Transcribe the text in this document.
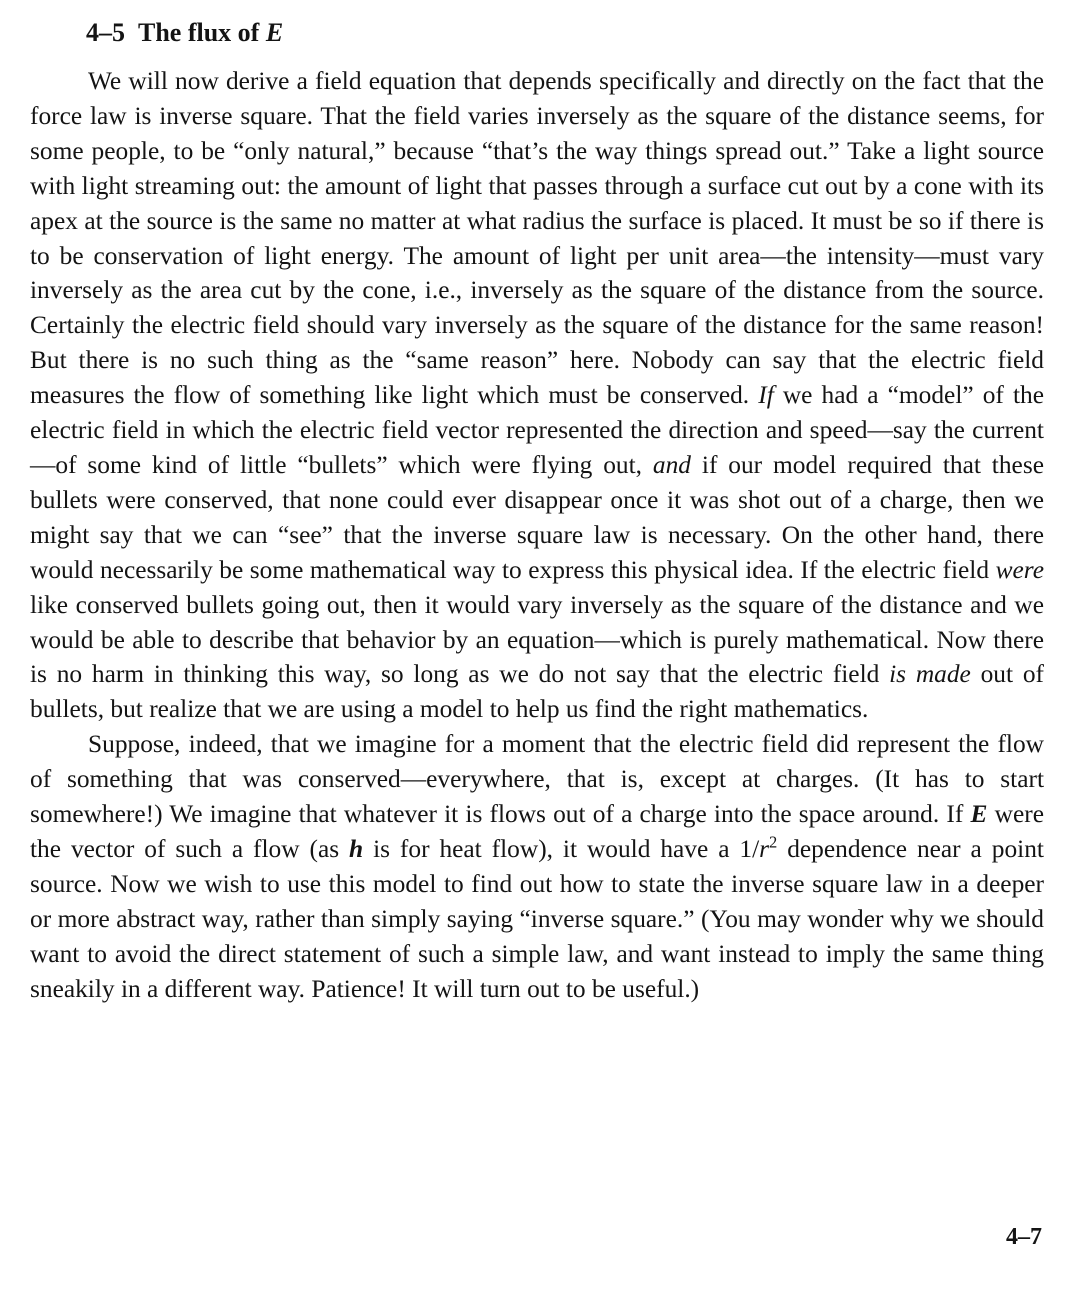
4–5 The flux of E

We will now derive a field equation that depends specifically and directly on the fact that the force law is inverse square. That the field varies inversely as the square of the distance seems, for some people, to be “only natural,” because “that’s the way things spread out.” Take a light source with light streaming out: the amount of light that passes through a surface cut out by a cone with its apex at the source is the same no matter at what radius the surface is placed. It must be so if there is to be conservation of light energy. The amount of light per unit area—the intensity—must vary inversely as the area cut by the cone, i.e., inversely as the square of the distance from the source. Certainly the electric field should vary inversely as the square of the distance for the same reason! But there is no such thing as the “same reason” here. Nobody can say that the electric field measures the flow of something like light which must be conserved. If we had a “model” of the electric field in which the electric field vector represented the direction and speed—say the current—of some kind of little “bullets” which were flying out, and if our model required that these bullets were conserved, that none could ever disappear once it was shot out of a charge, then we might say that we can “see” that the inverse square law is necessary. On the other hand, there would necessarily be some mathematical way to express this physical idea. If the electric field were like conserved bullets going out, then it would vary inversely as the square of the distance and we would be able to describe that behavior by an equation—which is purely mathematical. Now there is no harm in thinking this way, so long as we do not say that the electric field is made out of bullets, but realize that we are using a model to help us find the right mathematics.

Suppose, indeed, that we imagine for a moment that the electric field did represent the flow of something that was conserved—everywhere, that is, except at charges. (It has to start somewhere!) We imagine that whatever it is flows out of a charge into the space around. If E were the vector of such a flow (as h is for heat flow), it would have a $1/r^2$ dependence near a point source. Now we wish to use this model to find out how to state the inverse square law in a deeper or more abstract way, rather than simply saying “inverse square.” (You may wonder why we should want to avoid the direct statement of such a simple law, and want instead to imply the same thing sneakily in a different way. Patience! It will turn out to be useful.)

4–7
